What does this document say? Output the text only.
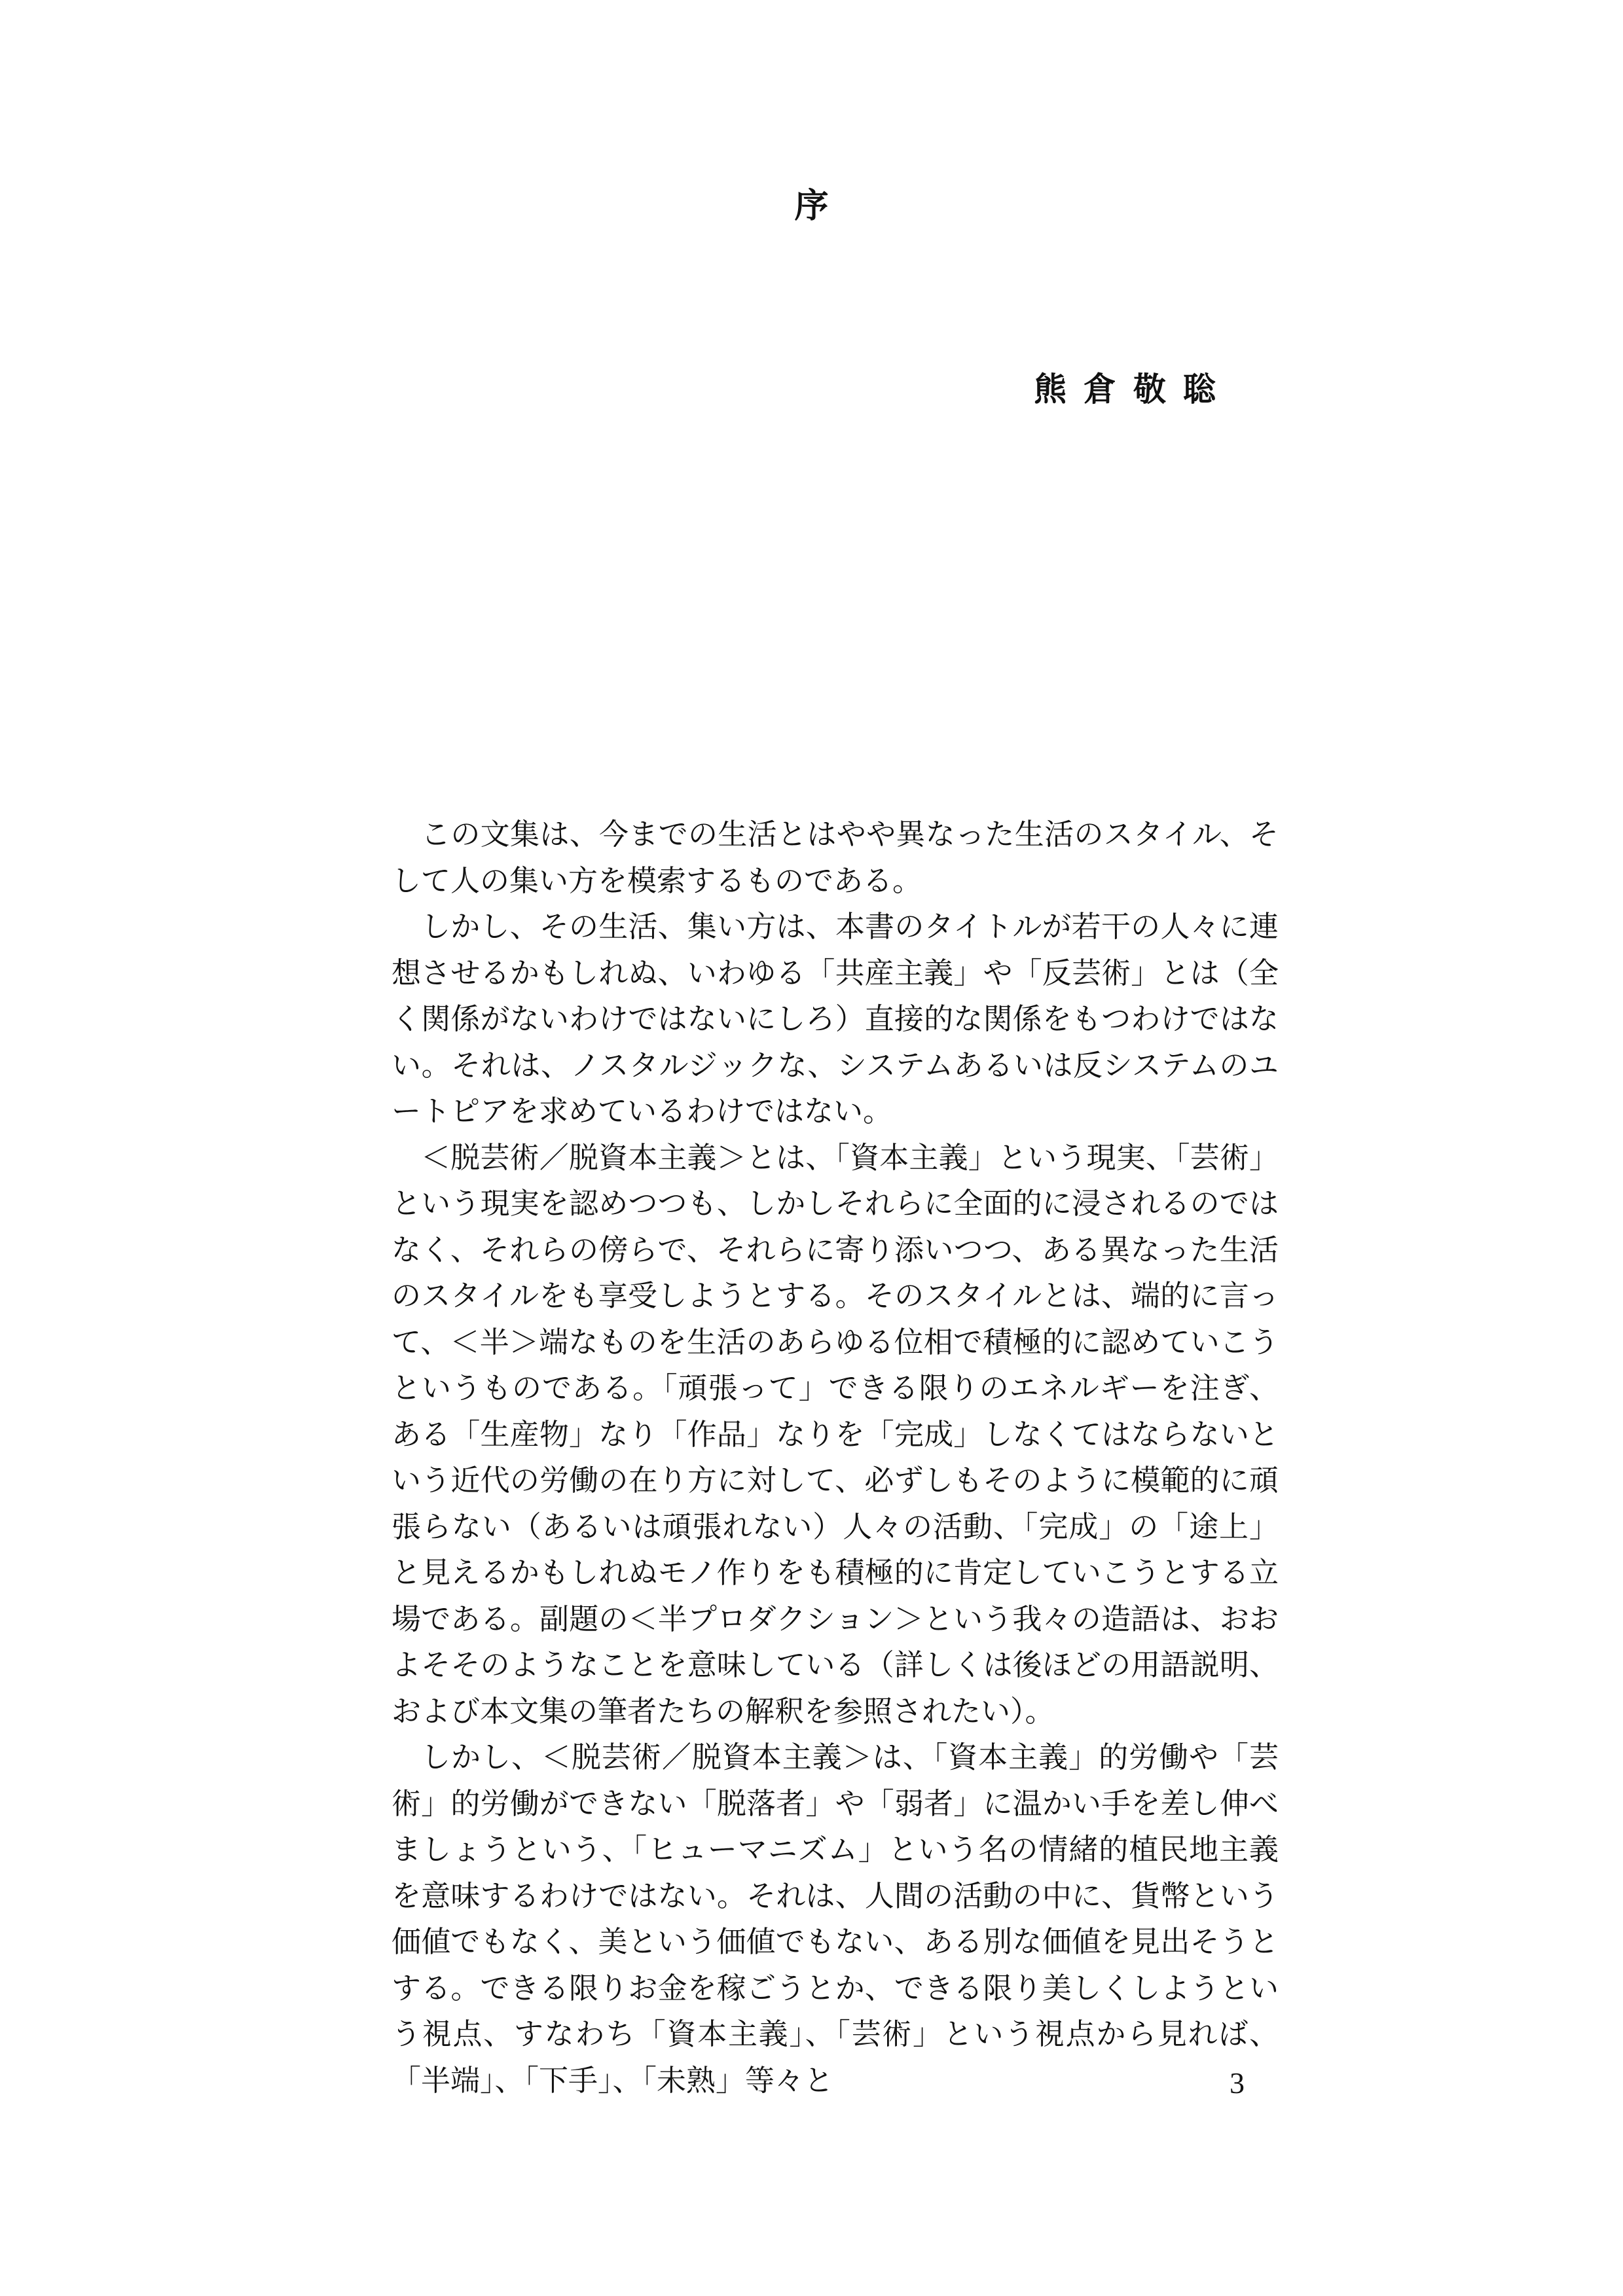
序
熊倉敬聡

この文集は、今までの生活とはやや異なった生活のスタイル、そして人の集い方を模索するものである。

しかし、その生活、集い方は、本書のタイトルが若干の人々に連想させるかもしれぬ、いわゆる「共産主義」や「反芸術」とは（全く関係がないわけではないにしろ）直接的な関係をもつわけではない。それは、ノスタルジックな、システムあるいは反システムのユートピアを求めているわけではない。

＜脱芸術／脱資本主義＞とは、「資本主義」という現実、「芸術」という現実を認めつつも、しかしそれらに全面的に浸されるのではなく、それらの傍らで、それらに寄り添いつつ、ある異なった生活のスタイルをも享受しようとする。そのスタイルとは、端的に言って、＜半＞端なものを生活のあらゆる位相で積極的に認めていこうというものである。「頑張って」できる限りのエネルギーを注ぎ、ある「生産物」なり「作品」なりを「完成」しなくてはならないという近代の労働の在り方に対して、必ずしもそのように模範的に頑張らない（あるいは頑張れない）人々の活動、「完成」の「途上」と見えるかもしれぬモノ作りをも積極的に肯定していこうとする立場である。副題の＜半プロダクション＞という我々の造語は、おおよそそのようなことを意味している（詳しくは後ほどの用語説明、および本文集の筆者たちの解釈を参照されたい）。

しかし、＜脱芸術／脱資本主義＞は、「資本主義」的労働や「芸術」的労働ができない「脱落者」や「弱者」に温かい手を差し伸べましょうという、「ヒューマニズム」という名の情緒的植民地主義を意味するわけではない。それは、人間の活動の中に、貨幣という価値でもなく、美という価値でもない、ある別な価値を見出そうとする。できる限りお金を稼ごうとか、できる限り美しくしようという視点、すなわち「資本主義」、「芸術」という視点から見れば、「半端」、「下手」、「未熟」等々と	3
